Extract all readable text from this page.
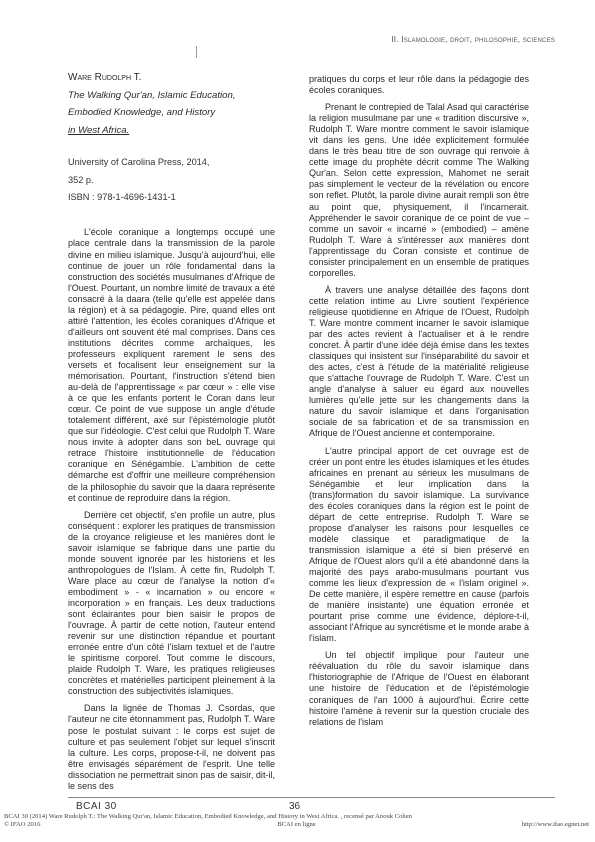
II. Islamologie, droit, philosophie, sciences

Ware Rudolph T.

The Walking Qur'an, Islamic Education,

Embodied Knowledge, and History

in West Africa.

University of Carolina Press, 2014,

352 p.

ISBN : 978-1-4696-1431-1

L'école coranique a longtemps occupé une place centrale dans la transmission de la parole divine en milieu islamique. Jusqu'à aujourd'hui, elle continue de jouer un rôle fondamental dans la construction des sociétés musulmanes d'Afrique de l'Ouest. Pourtant, un nombre limité de travaux a été consacré à la daara (telle qu'elle est appelée dans la région) et à sa pédagogie. Pire, quand elles ont attiré l'attention, les écoles coraniques d'Afrique et d'ailleurs ont souvent été mal comprises. Dans ces institutions décrites comme archaïques, les professeurs expliquent rarement le sens des versets et focalisent leur enseignement sur la mémorisation. Pourtant, l'instruction s'étend bien au-delà de l'apprentissage « par cœur » : elle vise à ce que les enfants portent le Coran dans leur cœur. Ce point de vue suppose un angle d'étude totalement différent, axé sur l'épistémologie plutôt que sur l'idéologie. C'est celui que Rudolph T. Ware nous invite à adopter dans son beL ouvrage qui retrace l'histoire institutionnelle de l'éducation coranique en Sénégambie. L'ambition de cette démarche est d'offrir une meilleure compréhension de la philosophie du savoir que la daara représente et continue de reproduire dans la région.

Derrière cet objectif, s'en profile un autre, plus conséquent : explorer les pratiques de transmission de la croyance religieuse et les manières dont le savoir islamique se fabrique dans une partie du monde souvent ignorée par les historiens et les anthropologues de l'Islam. À cette fin, Rudolph T. Ware place au cœur de l'analyse la notion d'« embodiment » - « incarnation » ou encore « incorporation » en français. Les deux traductions sont éclairantes pour bien saisir le propos de l'ouvrage. À partir de cette notion, l'auteur entend revenir sur une distinction répandue et pourtant erronée entre d'un côté l'islam textuel et de l'autre le spiritisme corporel. Tout comme le discours, plaide Rudolph T. Ware, les pratiques religieuses concrètes et matérielles participent pleinement à la construction des subjectivités islamiques.

Dans la lignée de Thomas J. Csordas, que l'auteur ne cite étonnamment pas, Rudolph T. Ware pose le postulat suivant : le corps est sujet de culture et pas seulement l'objet sur lequel s'inscrit la culture. Les corps, propose-t-il, ne doivent pas être envisagés séparément de l'esprit. Une telle dissociation ne permettrait sinon pas de saisir, dit-il, le sens des

pratiques du corps et leur rôle dans la pédagogie des écoles coraniques.

Prenant le contrepied de Talal Asad qui caractérise la religion musulmane par une « tradition discursive », Rudolph T. Ware montre comment le savoir islamique vit dans les gens. Une idée explicitement formulée dans le très beau titre de son ouvrage qui renvoie à cette image du prophète décrit comme The Walking Qur'an. Selon cette expression, Mahomet ne serait pas simplement le vecteur de la révélation ou encore son reflet. Plutôt, la parole divine aurait rempli son être au point que, physiquement, il l'incarnerait. Appréhender le savoir coranique de ce point de vue – comme un savoir « incarné » (embodied) – amène Rudolph T. Ware à s'intéresser aux manières dont l'apprentissage du Coran consiste et continue de consister principalement en un ensemble de pratiques corporelles.

À travers une analyse détaillée des façons dont cette relation intime au Livre soutient l'expérience religieuse quotidienne en Afrique de l'Ouest, Rudolph T. Ware montre comment incarner le savoir islamique par des actes revient à l'actualiser et à le rendre concret. À partir d'une idée déjà émise dans les textes classiques qui insistent sur l'inséparabilité du savoir et des actes, c'est à l'étude de la matérialité religieuse que s'attache l'ouvrage de Rudolph T. Ware. C'est un angle d'analyse à saluer eu égard aux nouvelles lumières qu'elle jette sur les changements dans la nature du savoir islamique et dans l'organisation sociale de sa fabrication et de sa transmission en Afrique de l'Ouest ancienne et contemporaine.

L'autre principal apport de cet ouvrage est de créer un pont entre les études islamiques et les études africaines en prenant au sérieux les musulmans de Sénégambie et leur implication dans la (trans)formation du savoir islamique. La survivance des écoles coraniques dans la région est le point de départ de cette entreprise. Rudolph T. Ware se propose d'analyser les raisons pour lesquelles ce modèle classique et paradigmatique de la transmission islamique a été si bien préservé en Afrique de l'Ouest alors qu'il a été abandonné dans la majorité des pays arabo-musulmans pourtant vus comme les lieux d'expression de « l'islam originel ». De cette manière, il espère remettre en cause (parfois de manière insistante) une équation erronée et pourtant prise comme une évidence, déplore-t-il, associant l'Afrique au syncrétisme et le monde arabe à l'islam.

Un tel objectif implique pour l'auteur une réévaluation du rôle du savoir islamique dans l'historiographie de l'Afrique de l'Ouest en élaborant une histoire de l'éducation et de l'épistémologie coraniques de l'an 1000 à aujourd'hui. Écrire cette histoire l'amène à revenir sur la question cruciale des relations de l'islam

BCAI 30	36
BCAI 30 (2014) Ware Rudolph T.: The Walking Qur'an, Islamic Education, Embodied Knowledge, and History in West Africa. , recensé par Anouk Cohen
© IFAO 2016	BCAI en ligne	http://www.ifao.egnet.net
